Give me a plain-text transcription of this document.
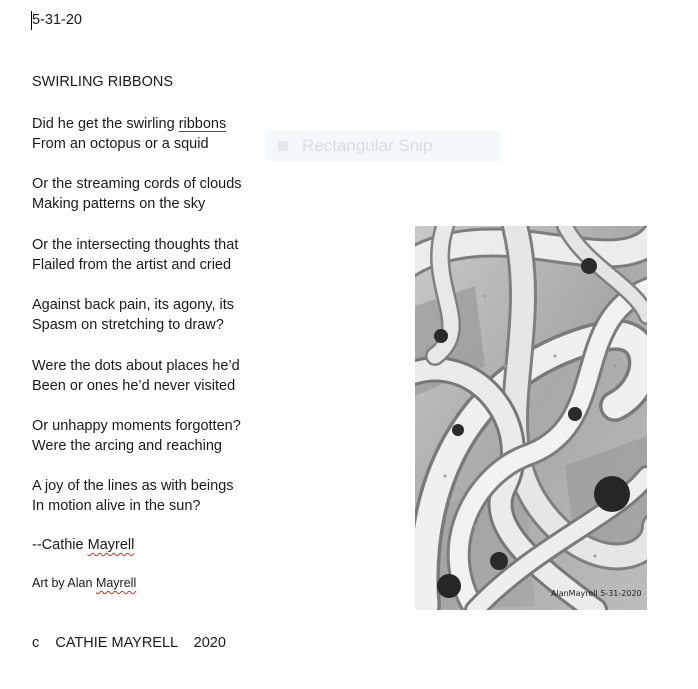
5-31-20
SWIRLING RIBBONS
Did he get the swirling ribbons
From an octopus or a squid
Or the streaming cords of clouds
Making patterns on the sky
Or the intersecting thoughts that
Flailed from the artist and cried
Against back pain, its agony, its
Spasm on stretching to draw?
Were the dots about places he’d
Been or ones he’d never visited
Or unhappy moments forgotten?
Were the arcing and reaching
A joy of the lines as with beings
In motion alive in the sun?
--Cathie Mayrell
Art by Alan Mayrell
c    CATHIE MAYRELL    2020
Rectangular Snip
AlanMayrell 5-31-2020
